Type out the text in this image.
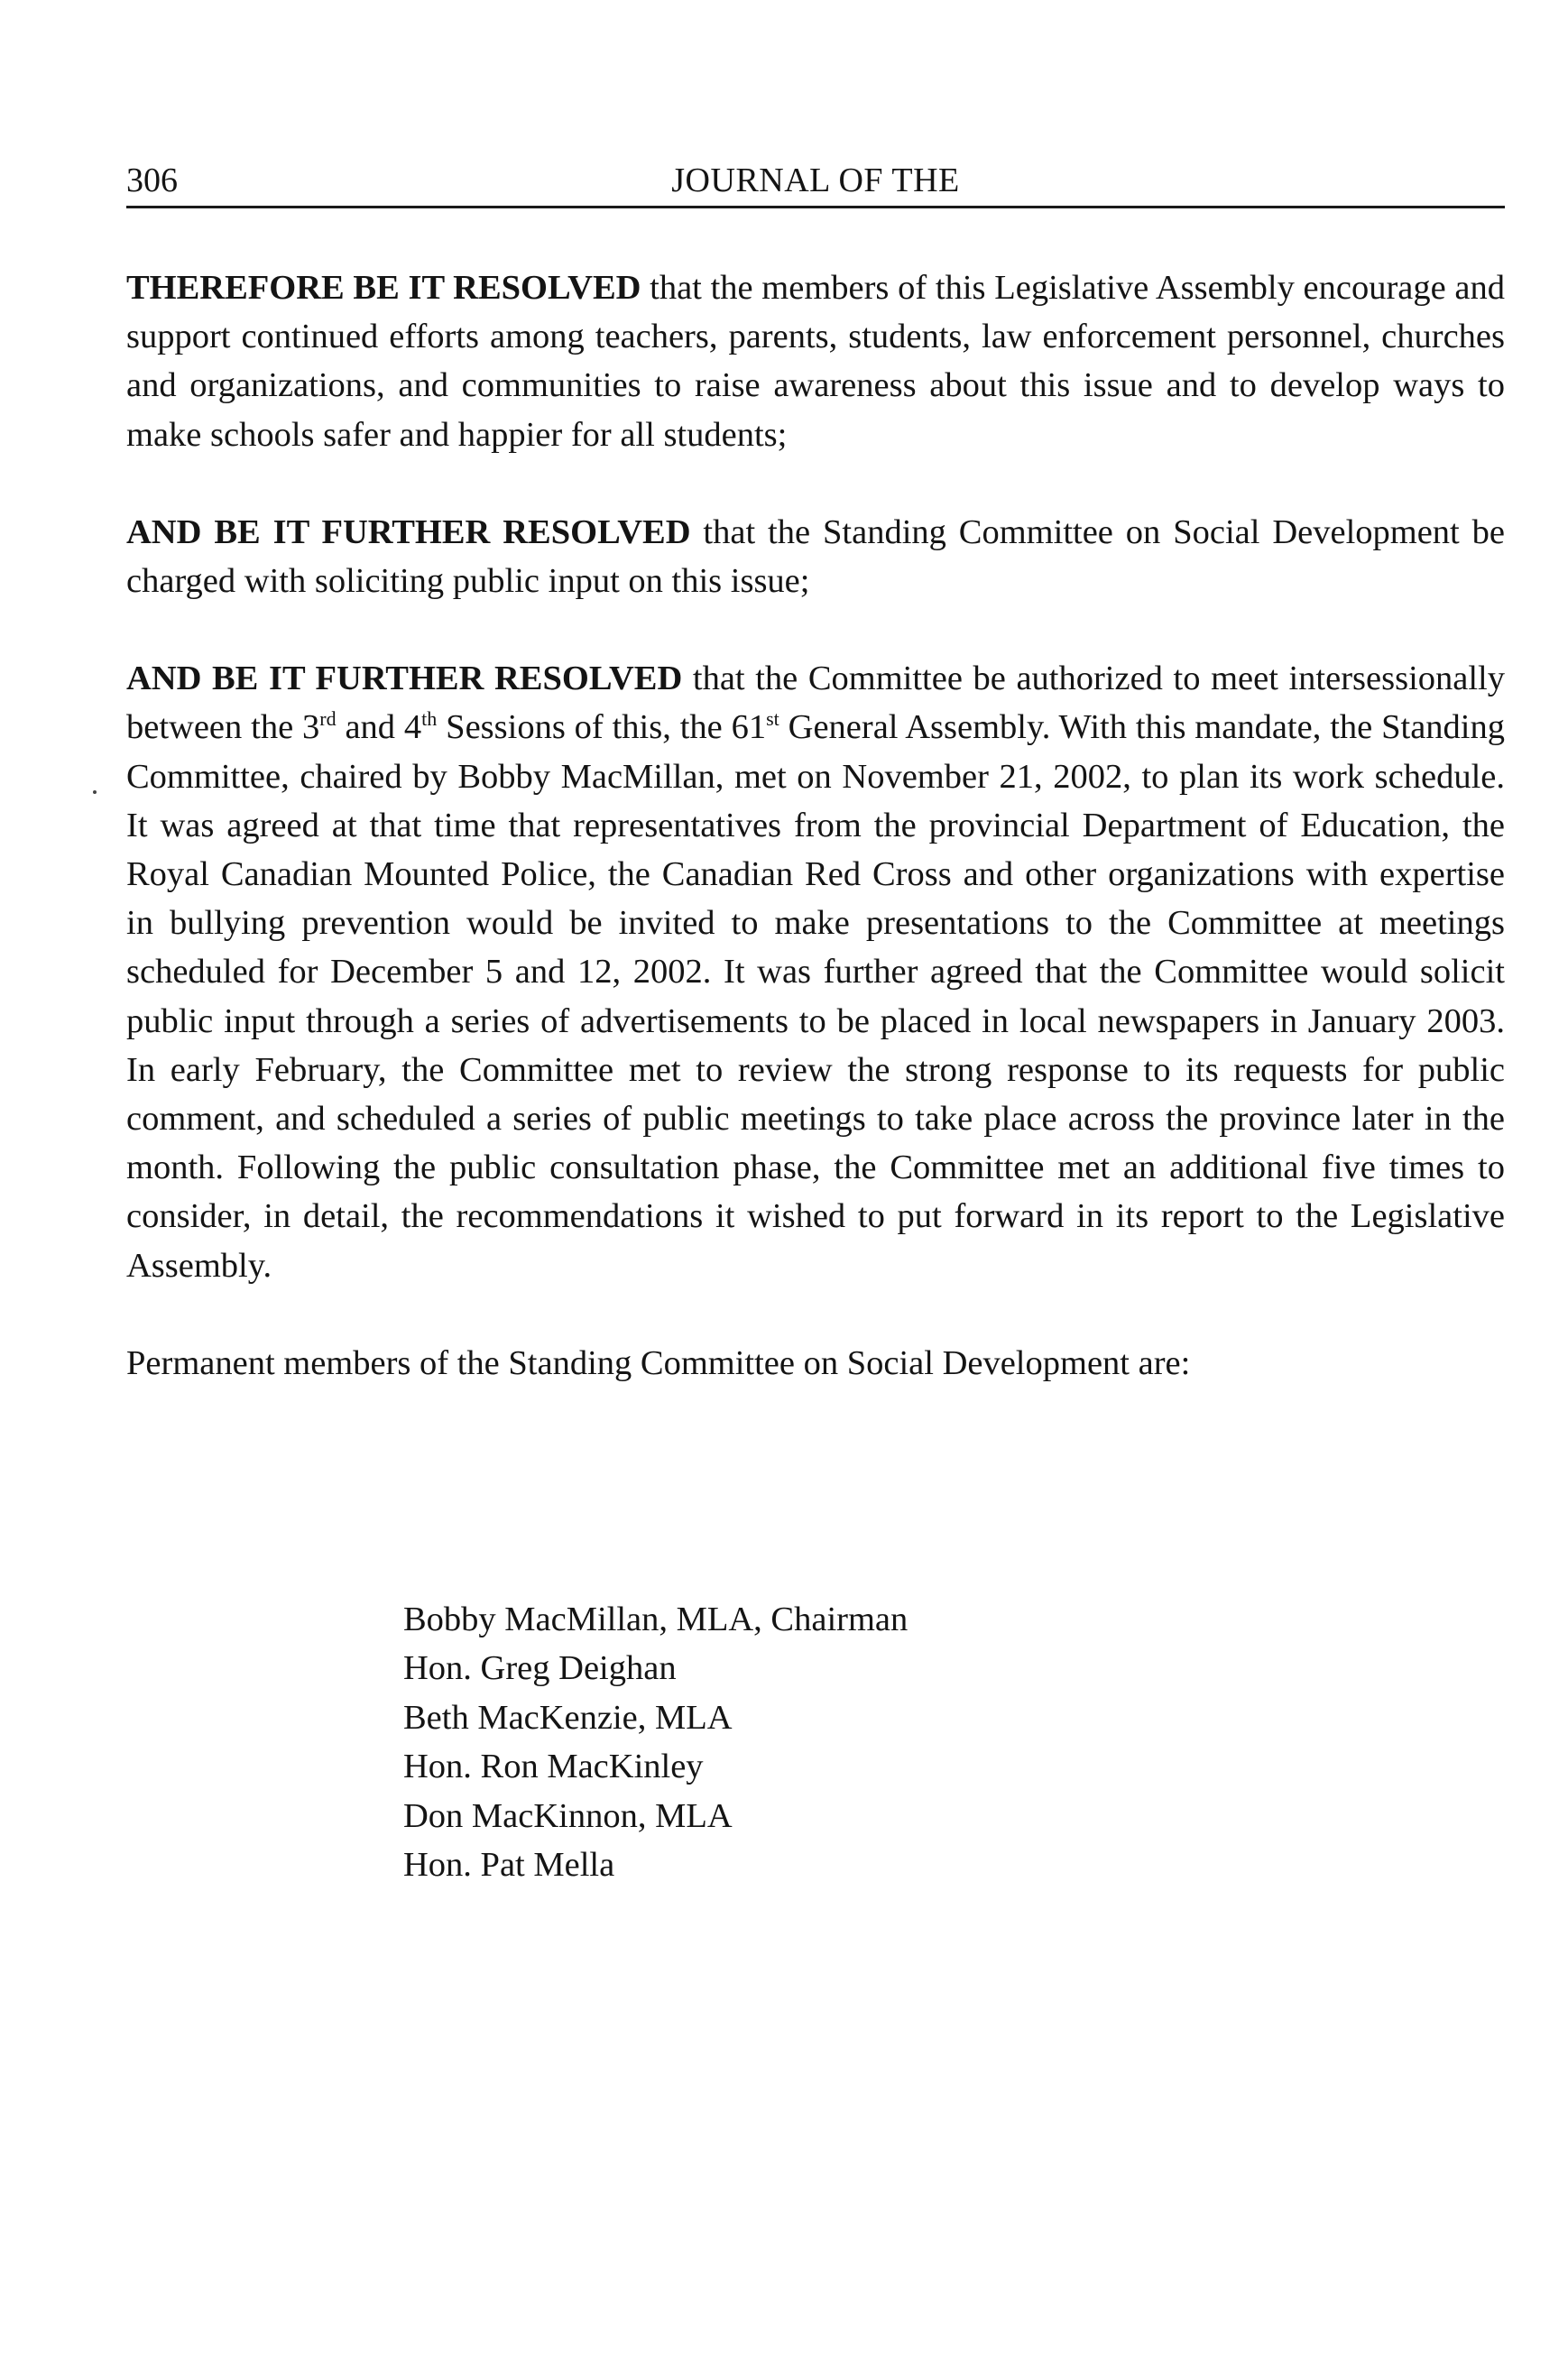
306	JOURNAL OF THE

THEREFORE BE IT RESOLVED that the members of this Legislative Assembly encourage and support continued efforts among teachers, parents, students, law enforcement personnel, churches and organizations, and communities to raise awareness about this issue and to develop ways to make schools safer and happier for all students;

AND BE IT FURTHER RESOLVED that the Standing Committee on Social Development be charged with soliciting public input on this issue;

AND BE IT FURTHER RESOLVED that the Committee be authorized to meet intersessionally between the 3rd and 4th Sessions of this, the 61st General Assembly. With this mandate, the Standing Committee, chaired by Bobby MacMillan, met on November 21, 2002, to plan its work schedule. It was agreed at that time that representatives from the provincial Department of Education, the Royal Canadian Mounted Police, the Canadian Red Cross and other organizations with expertise in bullying prevention would be invited to make presentations to the Committee at meetings scheduled for December 5 and 12, 2002. It was further agreed that the Committee would solicit public input through a series of advertisements to be placed in local newspapers in January 2003. In early February, the Committee met to review the strong response to its requests for public comment, and scheduled a series of public meetings to take place across the province later in the month. Following the public consultation phase, the Committee met an additional five times to consider, in detail, the recommendations it wished to put forward in its report to the Legislative Assembly.

Permanent members of the Standing Committee on Social Development are:

Bobby MacMillan, MLA, Chairman

Hon. Greg Deighan

Beth MacKenzie, MLA

Hon. Ron MacKinley

Don MacKinnon, MLA

Hon. Pat Mella
